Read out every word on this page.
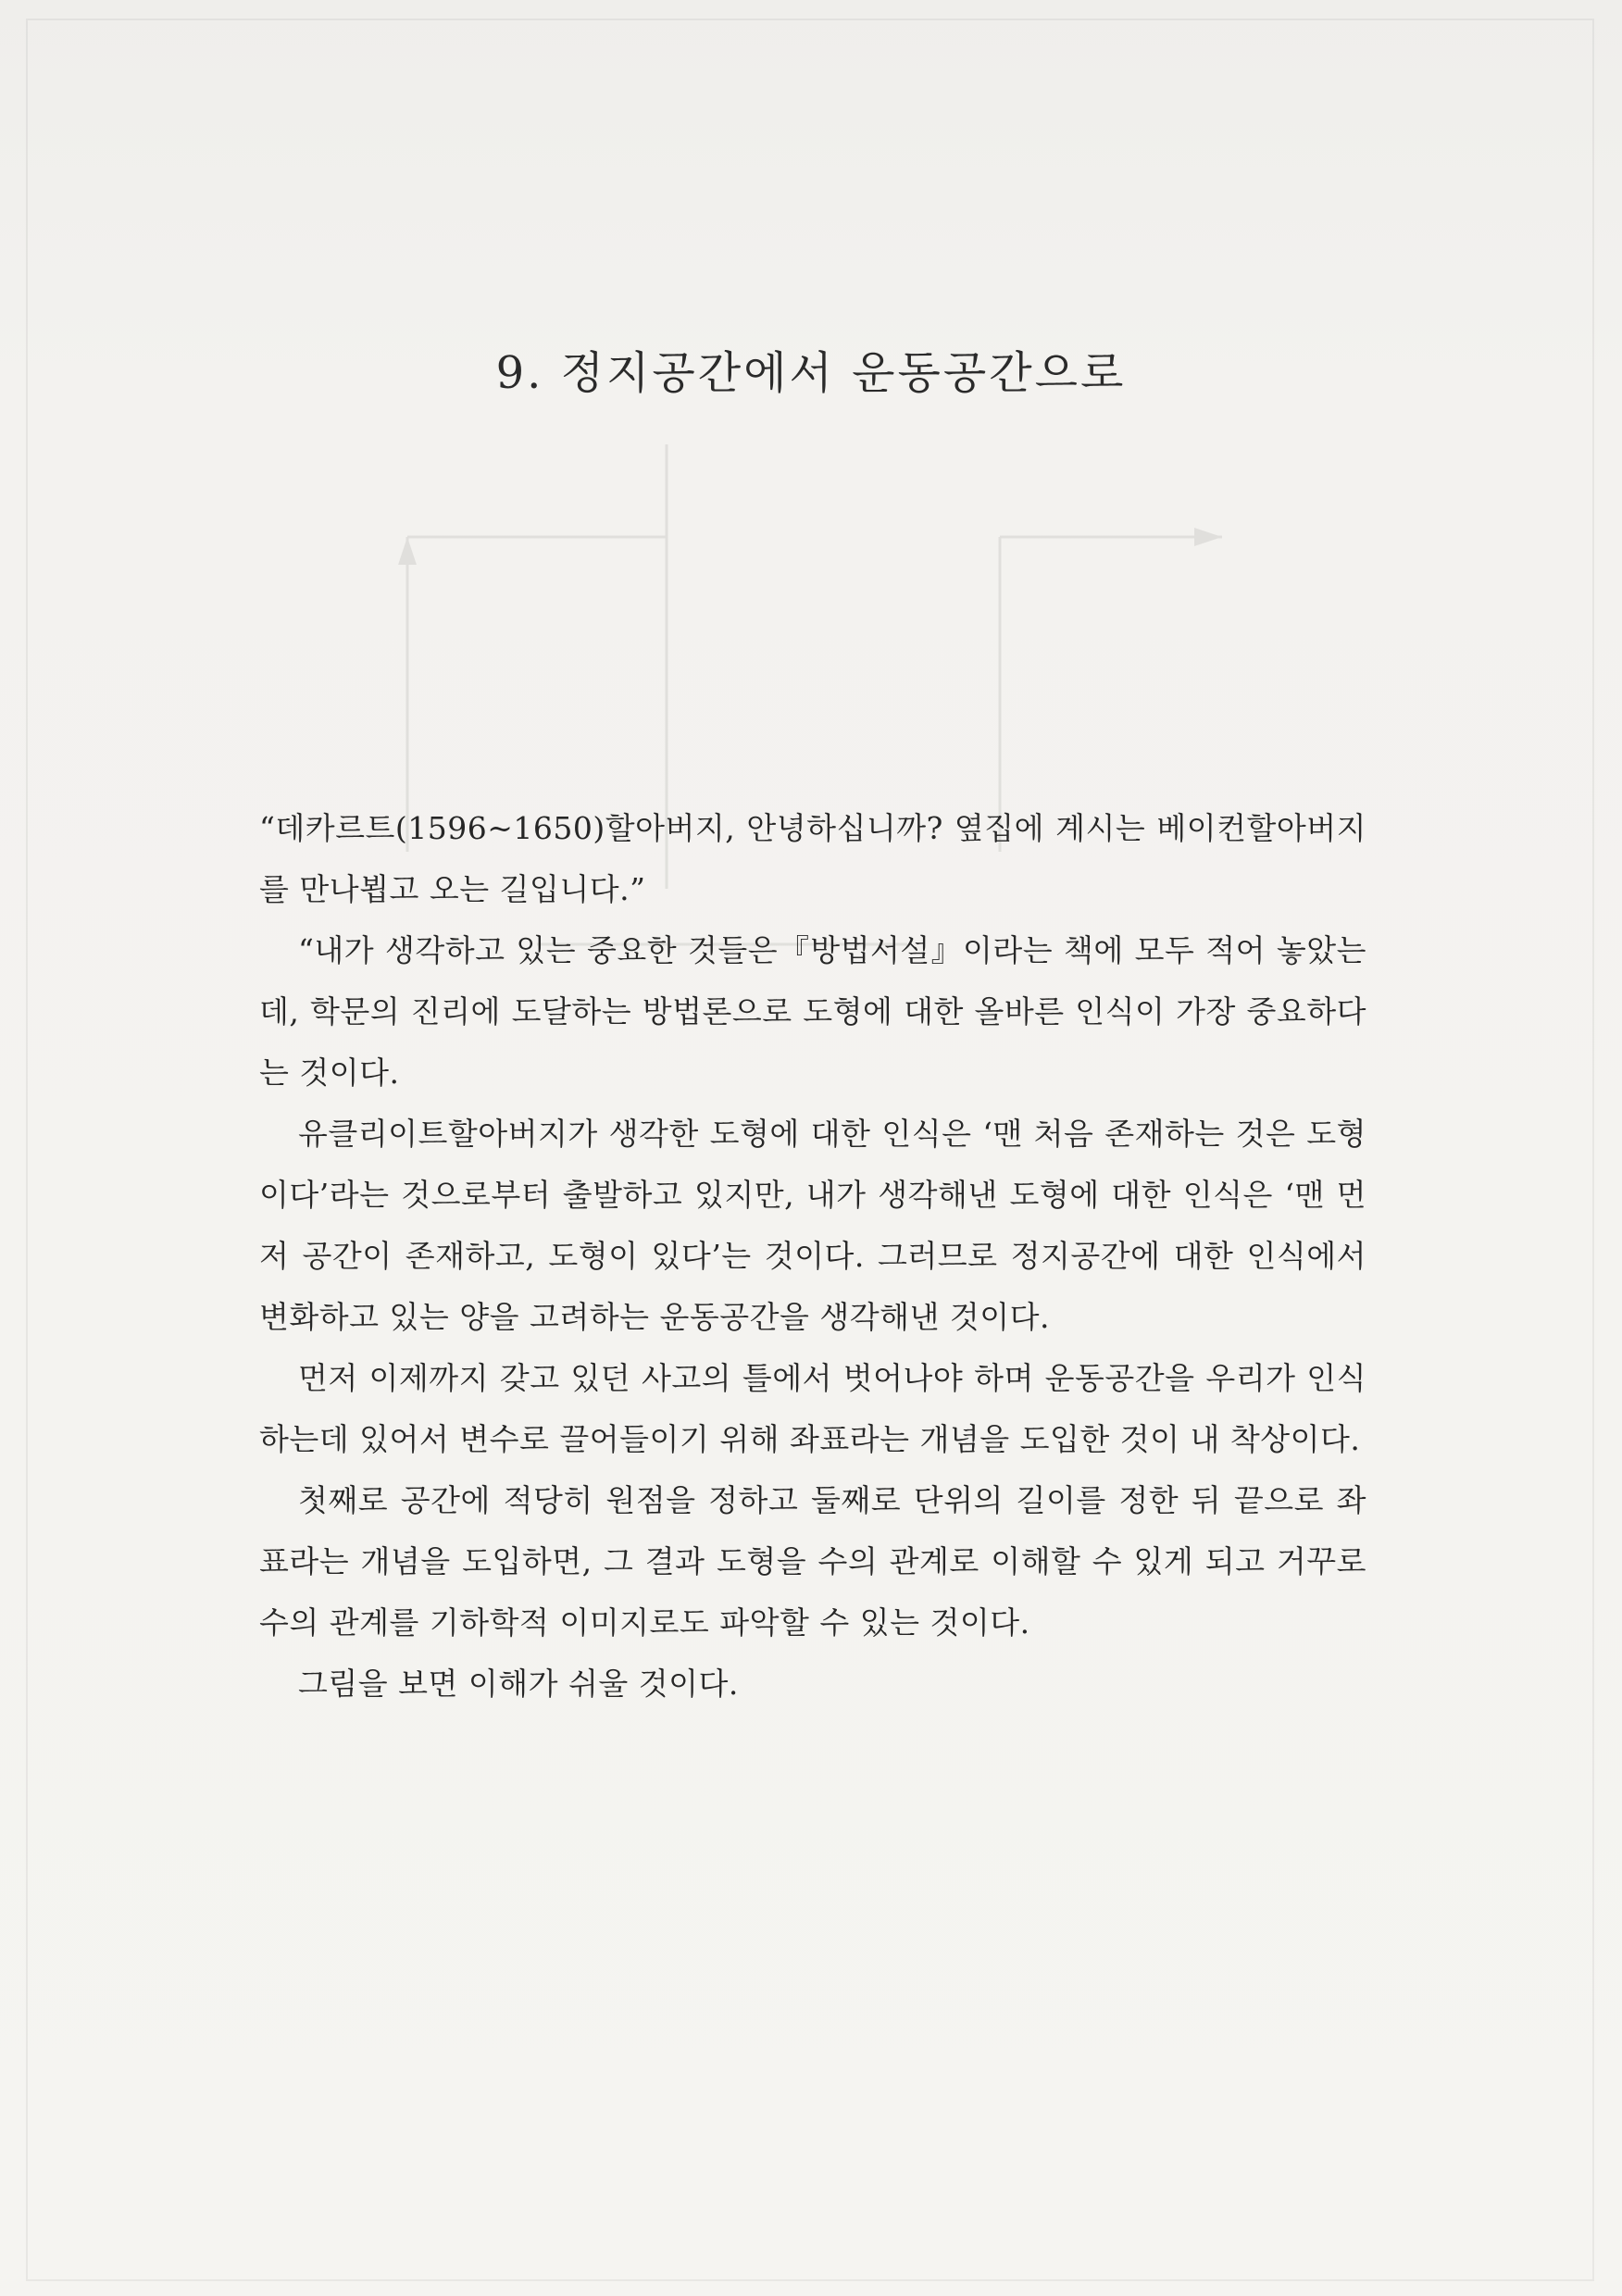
9. 정지공간에서 운동공간으로

“데카르트(1596~1650)할아버지, 안녕하십니까? 옆집에 계시는 베이컨할아버지를 만나뵙고 오는 길입니다.”

“내가 생각하고 있는 중요한 것들은『방법서설』이라는 책에 모두 적어 놓았는데, 학문의 진리에 도달하는 방법론으로 도형에 대한 올바른 인식이 가장 중요하다는 것이다.

유클리이트할아버지가 생각한 도형에 대한 인식은 ‘맨 처음 존재하는 것은 도형이다’라는 것으로부터 출발하고 있지만, 내가 생각해낸 도형에 대한 인식은 ‘맨 먼저 공간이 존재하고, 도형이 있다’는 것이다. 그러므로 정지공간에 대한 인식에서 변화하고 있는 양을 고려하는 운동공간을 생각해낸 것이다.

먼저 이제까지 갖고 있던 사고의 틀에서 벗어나야 하며 운동공간을 우리가 인식하는데 있어서 변수로 끌어들이기 위해 좌표라는 개념을 도입한 것이 내 착상이다.

첫째로 공간에 적당히 원점을 정하고 둘째로 단위의 길이를 정한 뒤 끝으로 좌표라는 개념을 도입하면, 그 결과 도형을 수의 관계로 이해할 수 있게 되고 거꾸로 수의 관계를 기하학적 이미지로도 파악할 수 있는 것이다.

그림을 보면 이해가 쉬울 것이다.
